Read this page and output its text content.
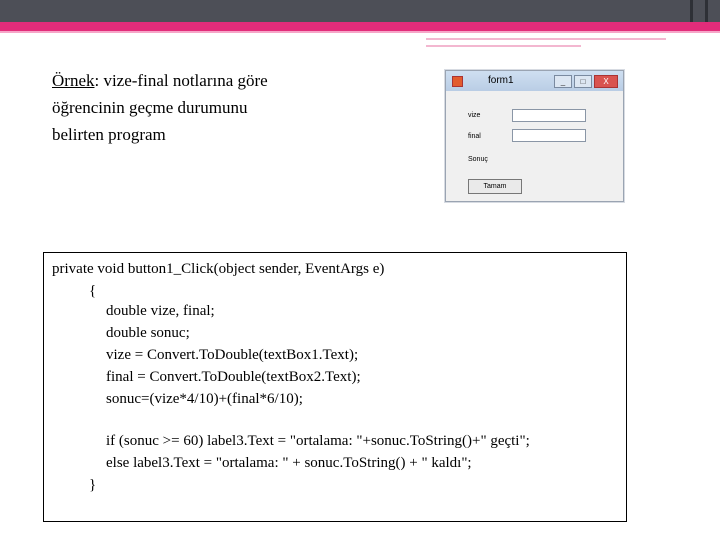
Örnek: vize-final notlarına göre
öğrencinin geçme durumunu
belirten program
form1	_	□	X
vize
final
Sonuç
Tamam
private void button1_Click(object sender, EventArgs e)
{
double vize, final;
double sonuc;
vize = Convert.ToDouble(textBox1.Text);
final = Convert.ToDouble(textBox2.Text);
sonuc=(vize*4/10)+(final*6/10);
if (sonuc >= 60) label3.Text = "ortalama: "+sonuc.ToString()+" geçti";
else label3.Text = "ortalama: " + sonuc.ToString() + " kaldı";
}
